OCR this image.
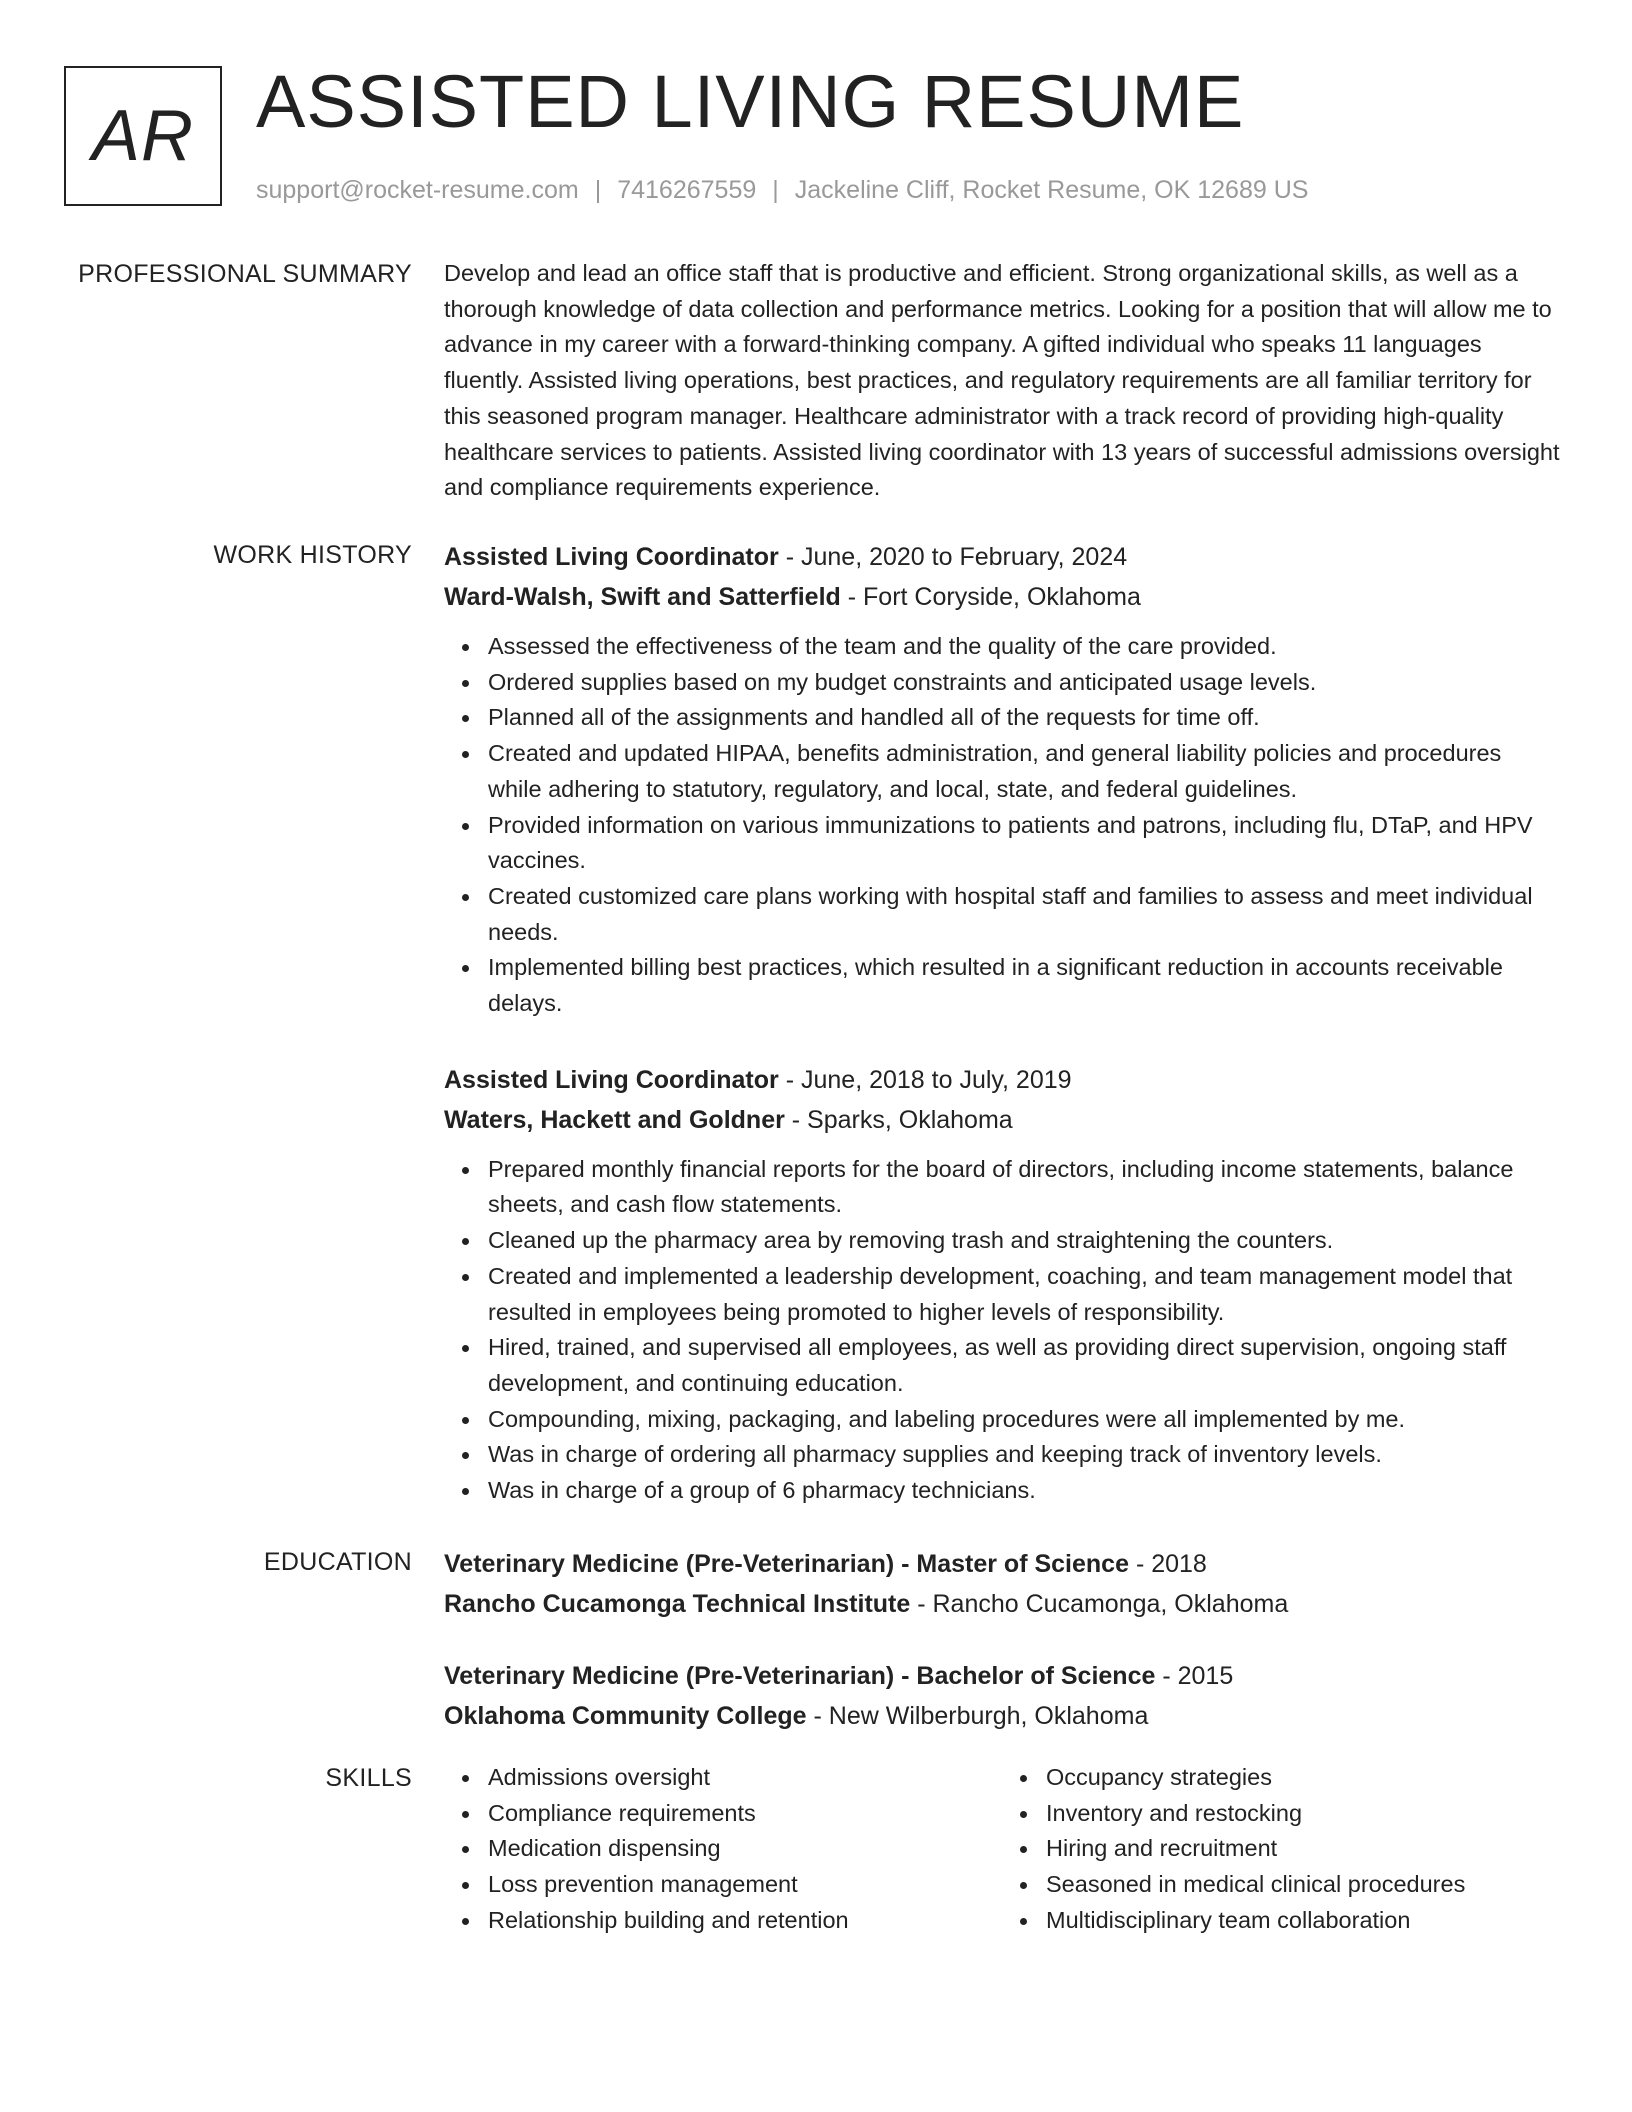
AR ASSISTED LIVING RESUME
support@rocket-resume.com | 7416267559 | Jackeline Cliff, Rocket Resume, OK 12689 US
PROFESSIONAL SUMMARY Develop and lead an office staff that is productive and efficient. Strong organizational skills, as well as a thorough knowledge of data collection and performance metrics. Looking for a position that will allow me to advance in my career with a forward-thinking company. A gifted individual who speaks 11 languages fluently. Assisted living operations, best practices, and regulatory requirements are all familiar territory for this seasoned program manager. Healthcare administrator with a track record of providing high-quality healthcare services to patients. Assisted living coordinator with 13 years of successful admissions oversight and compliance requirements experience.

WORK HISTORY Assisted Living Coordinator - June, 2020 to February, 2024
Ward-Walsh, Swift and Satterfield - Fort Coryside, Oklahoma
Assessed the effectiveness of the team and the quality of the care provided.
Ordered supplies based on my budget constraints and anticipated usage levels.
Planned all of the assignments and handled all of the requests for time off.
Created and updated HIPAA, benefits administration, and general liability policies and procedures while adhering to statutory, regulatory, and local, state, and federal guidelines.
Provided information on various immunizations to patients and patrons, including flu, DTaP, and HPV vaccines.
Created customized care plans working with hospital staff and families to assess and meet individual needs.
Implemented billing best practices, which resulted in a significant reduction in accounts receivable delays.
Assisted Living Coordinator - June, 2018 to July, 2019
Waters, Hackett and Goldner - Sparks, Oklahoma
Prepared monthly financial reports for the board of directors, including income statements, balance sheets, and cash flow statements.
Cleaned up the pharmacy area by removing trash and straightening the counters.
Created and implemented a leadership development, coaching, and team management model that resulted in employees being promoted to higher levels of responsibility.
Hired, trained, and supervised all employees, as well as providing direct supervision, ongoing staff development, and continuing education.
Compounding, mixing, packaging, and labeling procedures were all implemented by me.
Was in charge of ordering all pharmacy supplies and keeping track of inventory levels.
Was in charge of a group of 6 pharmacy technicians.
EDUCATION Veterinary Medicine (Pre-Veterinarian) - Master of Science - 2018
Rancho Cucamonga Technical Institute - Rancho Cucamonga, Oklahoma
Veterinary Medicine (Pre-Veterinarian) - Bachelor of Science - 2015
Oklahoma Community College - New Wilberburgh, Oklahoma
SKILLS	Admissions oversight
Compliance requirements
Medication dispensing
Loss prevention management
Relationship building and retention
Occupancy strategies
Inventory and restocking
Hiring and recruitment
Seasoned in medical clinical procedures
Multidisciplinary team collaboration
